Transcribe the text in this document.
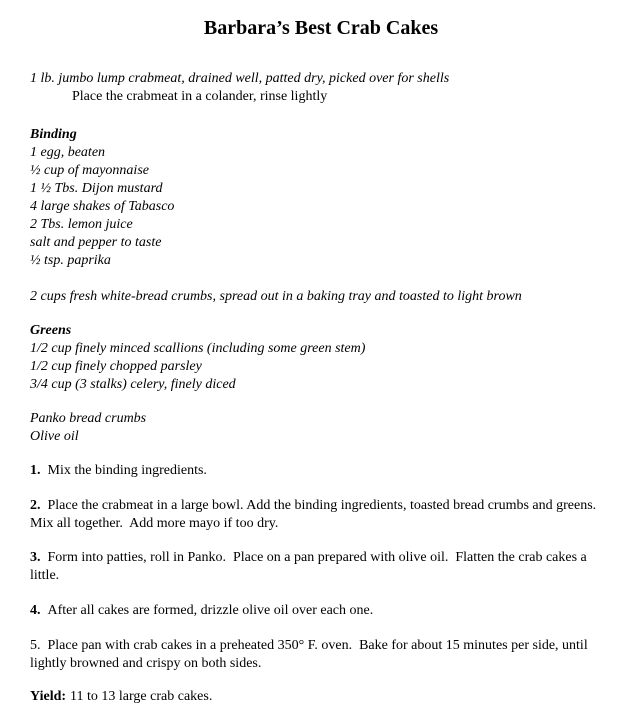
Barbara’s Best Crab Cakes
1 lb. jumbo lump crabmeat, drained well, patted dry, picked over for shells
Place the crabmeat in a colander, rinse lightly
Binding
1 egg, beaten
½ cup of mayonnaise
1 ½ Tbs. Dijon mustard
4 large shakes of Tabasco
2 Tbs. lemon juice
salt and pepper to taste
½ tsp. paprika
2 cups fresh white-bread crumbs, spread out in a baking tray and toasted to light brown
Greens
1/2 cup finely minced scallions (including some green stem)
1/2 cup finely chopped parsley
3/4 cup (3 stalks) celery, finely diced
Panko bread crumbs
Olive oil

1. Mix the binding ingredients.

2. Place the crabmeat in a large bowl. Add the binding ingredients, toasted bread crumbs and greens.  Mix all together.  Add more mayo if too dry.

3. Form into patties, roll in Panko.  Place on a pan prepared with olive oil.  Flatten the crab cakes a little.

4. After all cakes are formed, drizzle olive oil over each one.

5. Place pan with crab cakes in a preheated 350° F. oven.  Bake for about 15 minutes per side, until lightly browned and crispy on both sides.

Yield: 11 to 13 large crab cakes.
